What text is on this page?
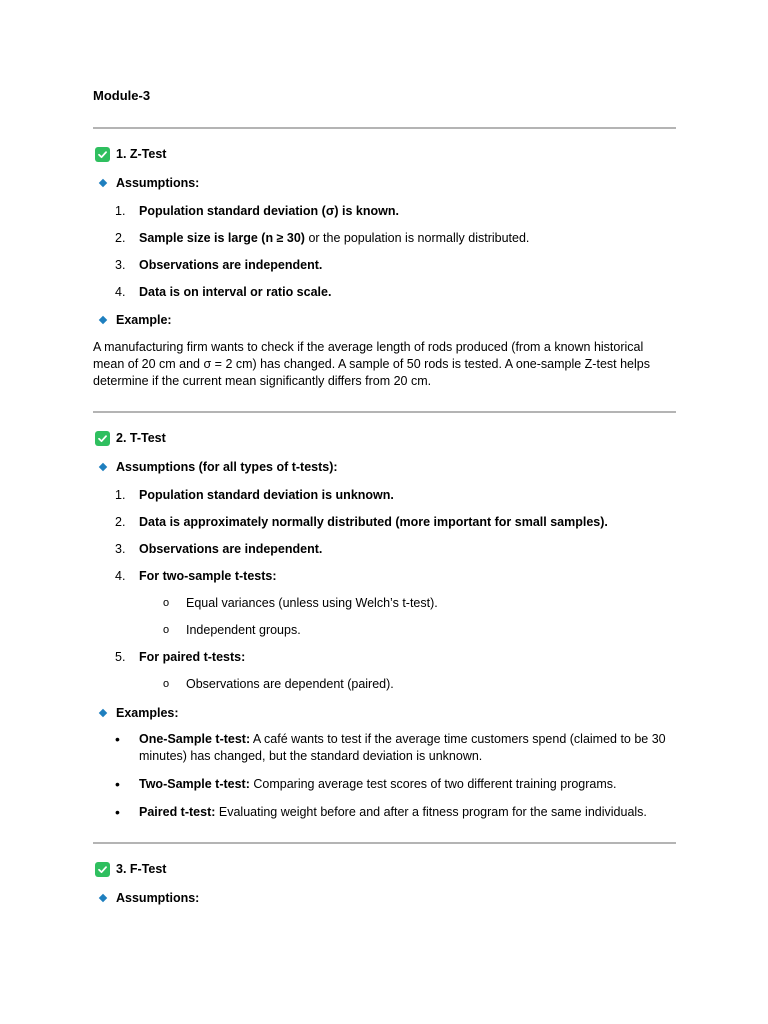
Module-3
1. Z-Test
Assumptions:
1.	Population standard deviation (σ) is known.
2.	Sample size is large (n ≥ 30) or the population is normally distributed.
3.	Observations are independent.
4.	Data is on interval or ratio scale.
Example:

A manufacturing firm wants to check if the average length of rods produced (from a known historical mean of 20 cm and σ = 2 cm) has changed. A sample of 50 rods is tested. A one-sample Z-test helps determine if the current mean significantly differs from 20 cm.

2. T-Test
Assumptions (for all types of t-tests):
1.	Population standard deviation is unknown.
2.	Data is approximately normally distributed (more important for small samples).
3.	Observations are independent.
4.	For two-sample t-tests:
o	Equal variances (unless using Welch’s t-test).
o	Independent groups.
5.	For paired t-tests:
o	Observations are dependent (paired).
Examples:
•	One-Sample t-test: A café wants to test if the average time customers spend (claimed to be 30 minutes) has changed, but the standard deviation is unknown.
•	Two-Sample t-test: Comparing average test scores of two different training programs.
•	Paired t-test: Evaluating weight before and after a fitness program for the same individuals.
3. F-Test
Assumptions:
